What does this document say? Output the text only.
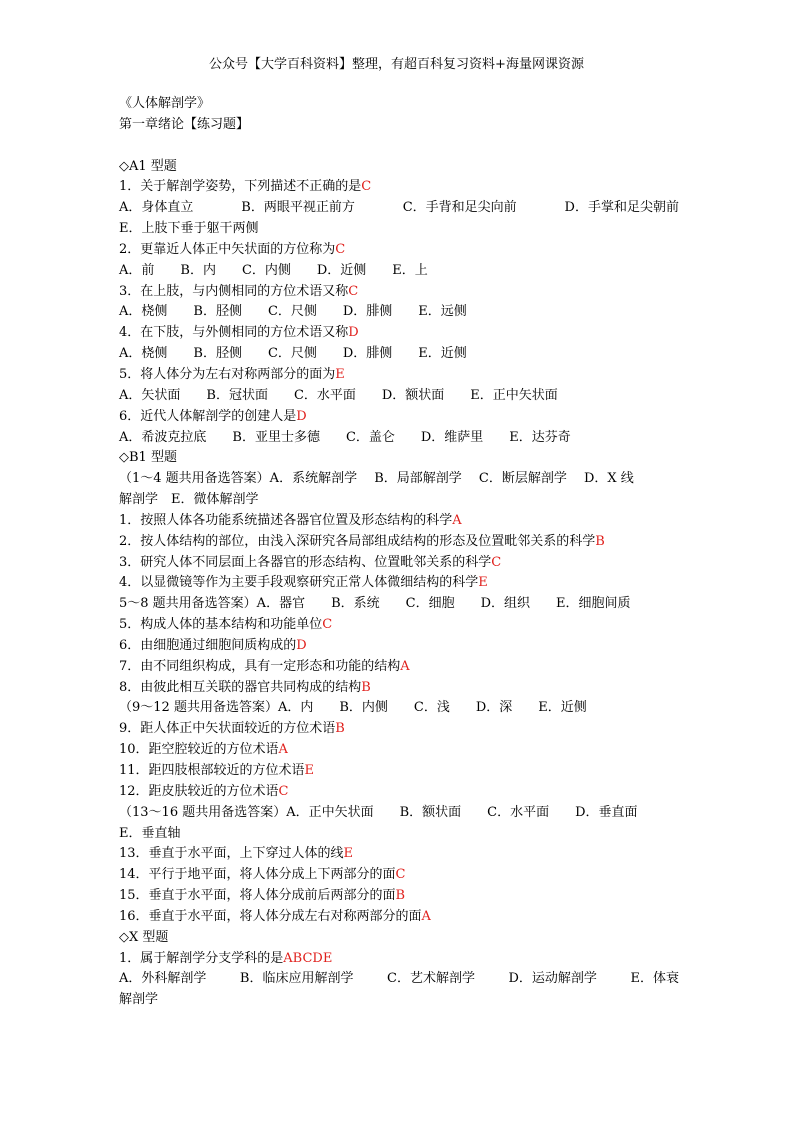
公众号【大学百科资料】整理，有超百科复习资料+海量网课资源
《人体解剖学》
第一章绪论【练习题】
◇A1 型题
1．关于解剖学姿势，下列描述不正确的是C
A．身体直立	B．两眼平视正前方	C．手背和足尖向前	D．手掌和足尖朝前
E．上肢下垂于躯干两侧
2．更靠近人体正中矢状面的方位称为C
A．前　　B．内　　C．内侧　　D．近侧　　E．上
3．在上肢，与内侧相同的方位术语又称C
A．桡侧　　B．胫侧　　C．尺侧　　D．腓侧　　E．远侧
4．在下肢，与外侧相同的方位术语又称D
A．桡侧　　B．胫侧　　C．尺侧　　D．腓侧　　E．近侧
5．将人体分为左右对称两部分的面为E
A．矢状面　　B．冠状面　　C．水平面　　D．额状面　　E．正中矢状面
6．近代人体解剖学的创建人是D
A．希波克拉底　　B．亚里士多德　　C．盖仑　　D．维萨里　　E．达芬奇
◇B1 型题
（1～4 题共用备选答案）A．系统解剖学　 B．局部解剖学　 C．断层解剖学　 D．X 线
解剖学　E．微体解剖学
1．按照人体各功能系统描述各器官位置及形态结构的科学A
2．按人体结构的部位，由浅入深研究各局部组成结构的形态及位置毗邻关系的科学B
3．研究人体不同层面上各器官的形态结构、位置毗邻关系的科学C
4．以显微镜等作为主要手段观察研究正常人体微细结构的科学E
5～8 题共用备选答案）A．器官　　B．系统　　C．细胞　　D．组织　　E．细胞间质
5．构成人体的基本结构和功能单位C
6．由细胞通过细胞间质构成的D
7．由不同组织构成，具有一定形态和功能的结构A
8．由彼此相互关联的器官共同构成的结构B
（9～12 题共用备选答案）A．内　　B．内侧　　C．浅　　D．深　　E．近侧
9．距人体正中矢状面较近的方位术语B
10．距空腔较近的方位术语A
11．距四肢根部较近的方位术语E
12．距皮肤较近的方位术语C
（13～16 题共用备选答案）A．正中矢状面　　B．额状面　　C．水平面　　D．垂直面
E．垂直轴
13．垂直于水平面，上下穿过人体的线E
14．平行于地平面，将人体分成上下两部分的面C
15．垂直于水平面，将人体分成前后两部分的面B
16．垂直于水平面，将人体分成左右对称两部分的面A
◇X 型题
1．属于解剖学分支学科的是ABCDE
A．外科解剖学	B．临床应用解剖学	C．艺术解剖学	D．运动解剖学	E．体衰
解剖学
